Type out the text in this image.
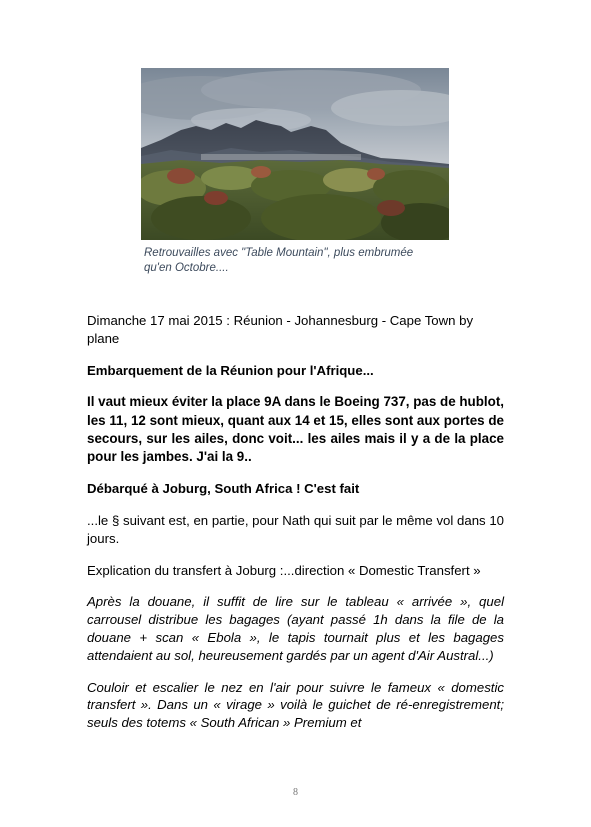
Retrouvailles avec "Table Mountain", plus embrumée qu'en Octobre....

Dimanche 17 mai 2015 : Réunion - Johannesburg - Cape Town by plane

Embarquement de la Réunion pour l'Afrique...

Il vaut mieux éviter la place 9A dans le Boeing 737, pas de hublot, les 11, 12 sont mieux, quant aux 14 et 15, elles sont aux portes de secours, sur les ailes, donc voit... les ailes mais il y a de la place pour les jambes. J'ai la 9..

Débarqué à Joburg, South Africa ! C'est fait

...le § suivant est, en partie, pour Nath qui suit par le même vol dans 10 jours.

Explication du transfert à Joburg :...direction « Domestic Transfert »

Après la douane, il suffit de lire sur le tableau « arrivée », quel carrousel distribue les bagages (ayant passé 1h dans la file de la douane + scan « Ebola », le tapis tournait plus et les bagages attendaient au sol, heureusement gardés par un agent d'Air Austral...)

Couloir et escalier le nez en l'air pour suivre le fameux « domestic transfert ». Dans un « virage » voilà le guichet de ré-enregistrement; seuls des totems « South African » Premium et

8
